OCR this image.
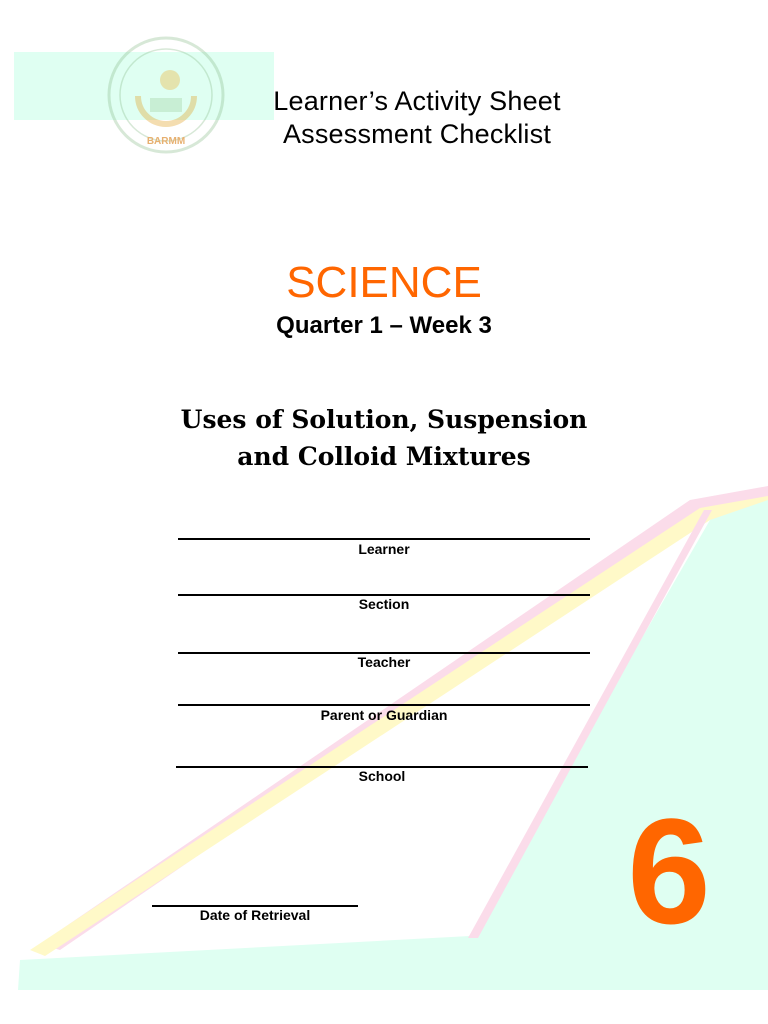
BARMM
Learner’s Activity Sheet
Assessment Checklist
SCIENCE
Quarter 1 – Week 3
Uses of Solution, Suspension
and Colloid Mixtures
Learner
Section
Teacher
Parent or Guardian
School
Date of Retrieval	6
